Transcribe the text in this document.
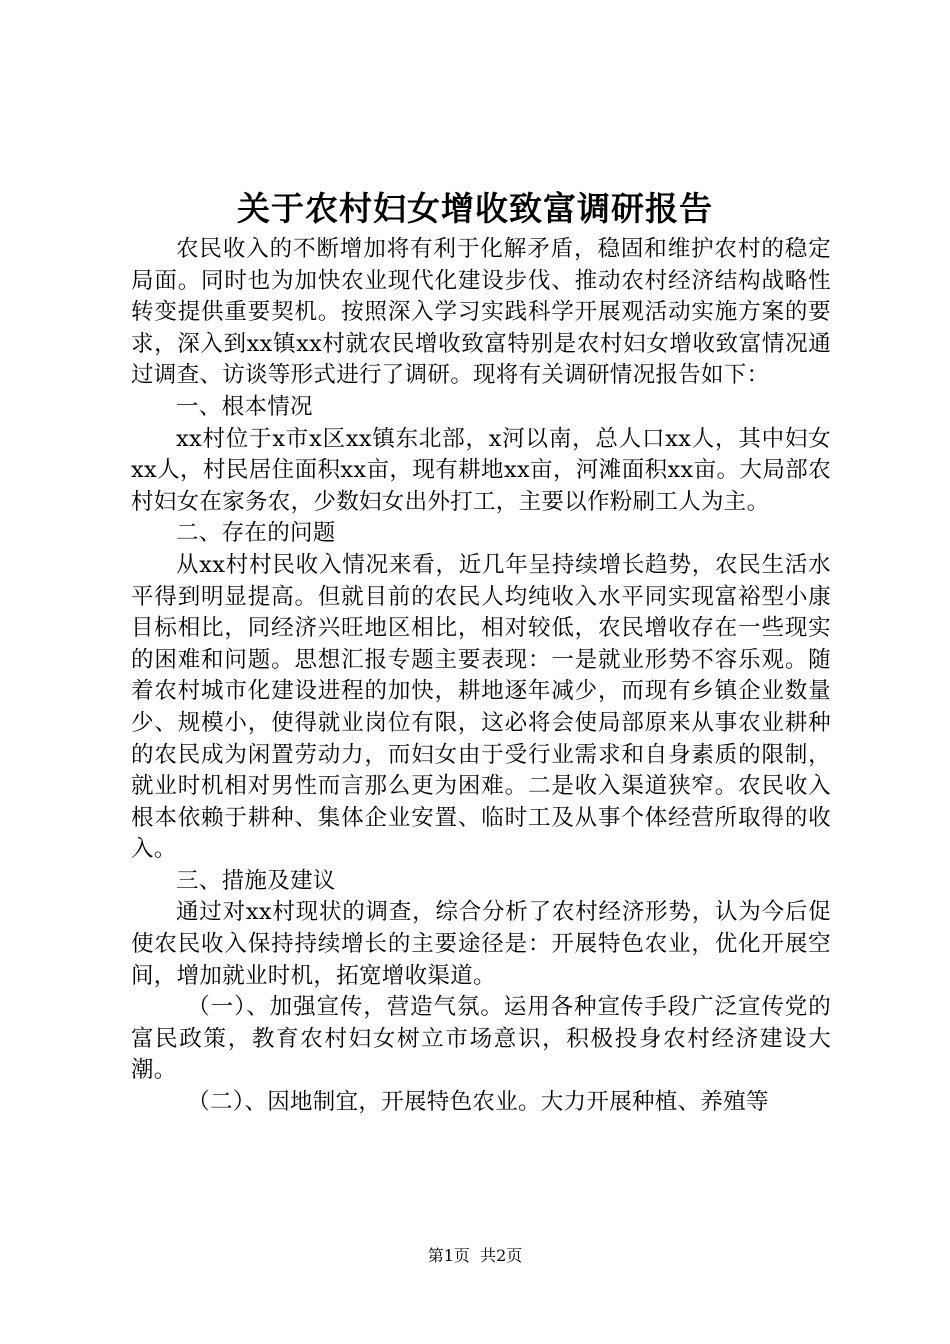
关于农村妇女增收致富调研报告

农民收入的不断增加将有利于化解矛盾，稳固和维护农村的稳定局面。同时也为加快农业现代化建设步伐、推动农村经济结构战略性转变提供重要契机。按照深入学习实践科学开展观活动实施方案的要求，深入到xx镇xx村就农民增收致富特别是农村妇女增收致富情况通过调查、访谈等形式进行了调研。现将有关调研情况报告如下：

一、根本情况

xx村位于x市x区xx镇东北部，x河以南，总人口xx人，其中妇女xx人，村民居住面积xx亩，现有耕地xx亩，河滩面积xx亩。大局部农村妇女在家务农，少数妇女出外打工，主要以作粉刷工人为主。

二、存在的问题

从xx村村民收入情况来看，近几年呈持续增长趋势，农民生活水平得到明显提高。但就目前的农民人均纯收入水平同实现富裕型小康目标相比，同经济兴旺地区相比，相对较低，农民增收存在一些现实的困难和问题。思想汇报专题主要表现：一是就业形势不容乐观。随着农村城市化建设进程的加快，耕地逐年减少，而现有乡镇企业数量少、规模小，使得就业岗位有限，这必将会使局部原来从事农业耕种的农民成为闲置劳动力，而妇女由于受行业需求和自身素质的限制，就业时机相对男性而言那么更为困难。二是收入渠道狭窄。农民收入根本依赖于耕种、集体企业安置、临时工及从事个体经营所取得的收入。

三、措施及建议

通过对xx村现状的调查，综合分析了农村经济形势，认为今后促使农民收入保持持续增长的主要途径是：开展特色农业，优化开展空间，增加就业时机，拓宽增收渠道。

（一）、加强宣传，营造气氛。运用各种宣传手段广泛宣传党的富民政策，教育农村妇女树立市场意识，积极投身农村经济建设大潮。

（二）、因地制宜，开展特色农业。大力开展种植、养殖等

第1页 共2页
